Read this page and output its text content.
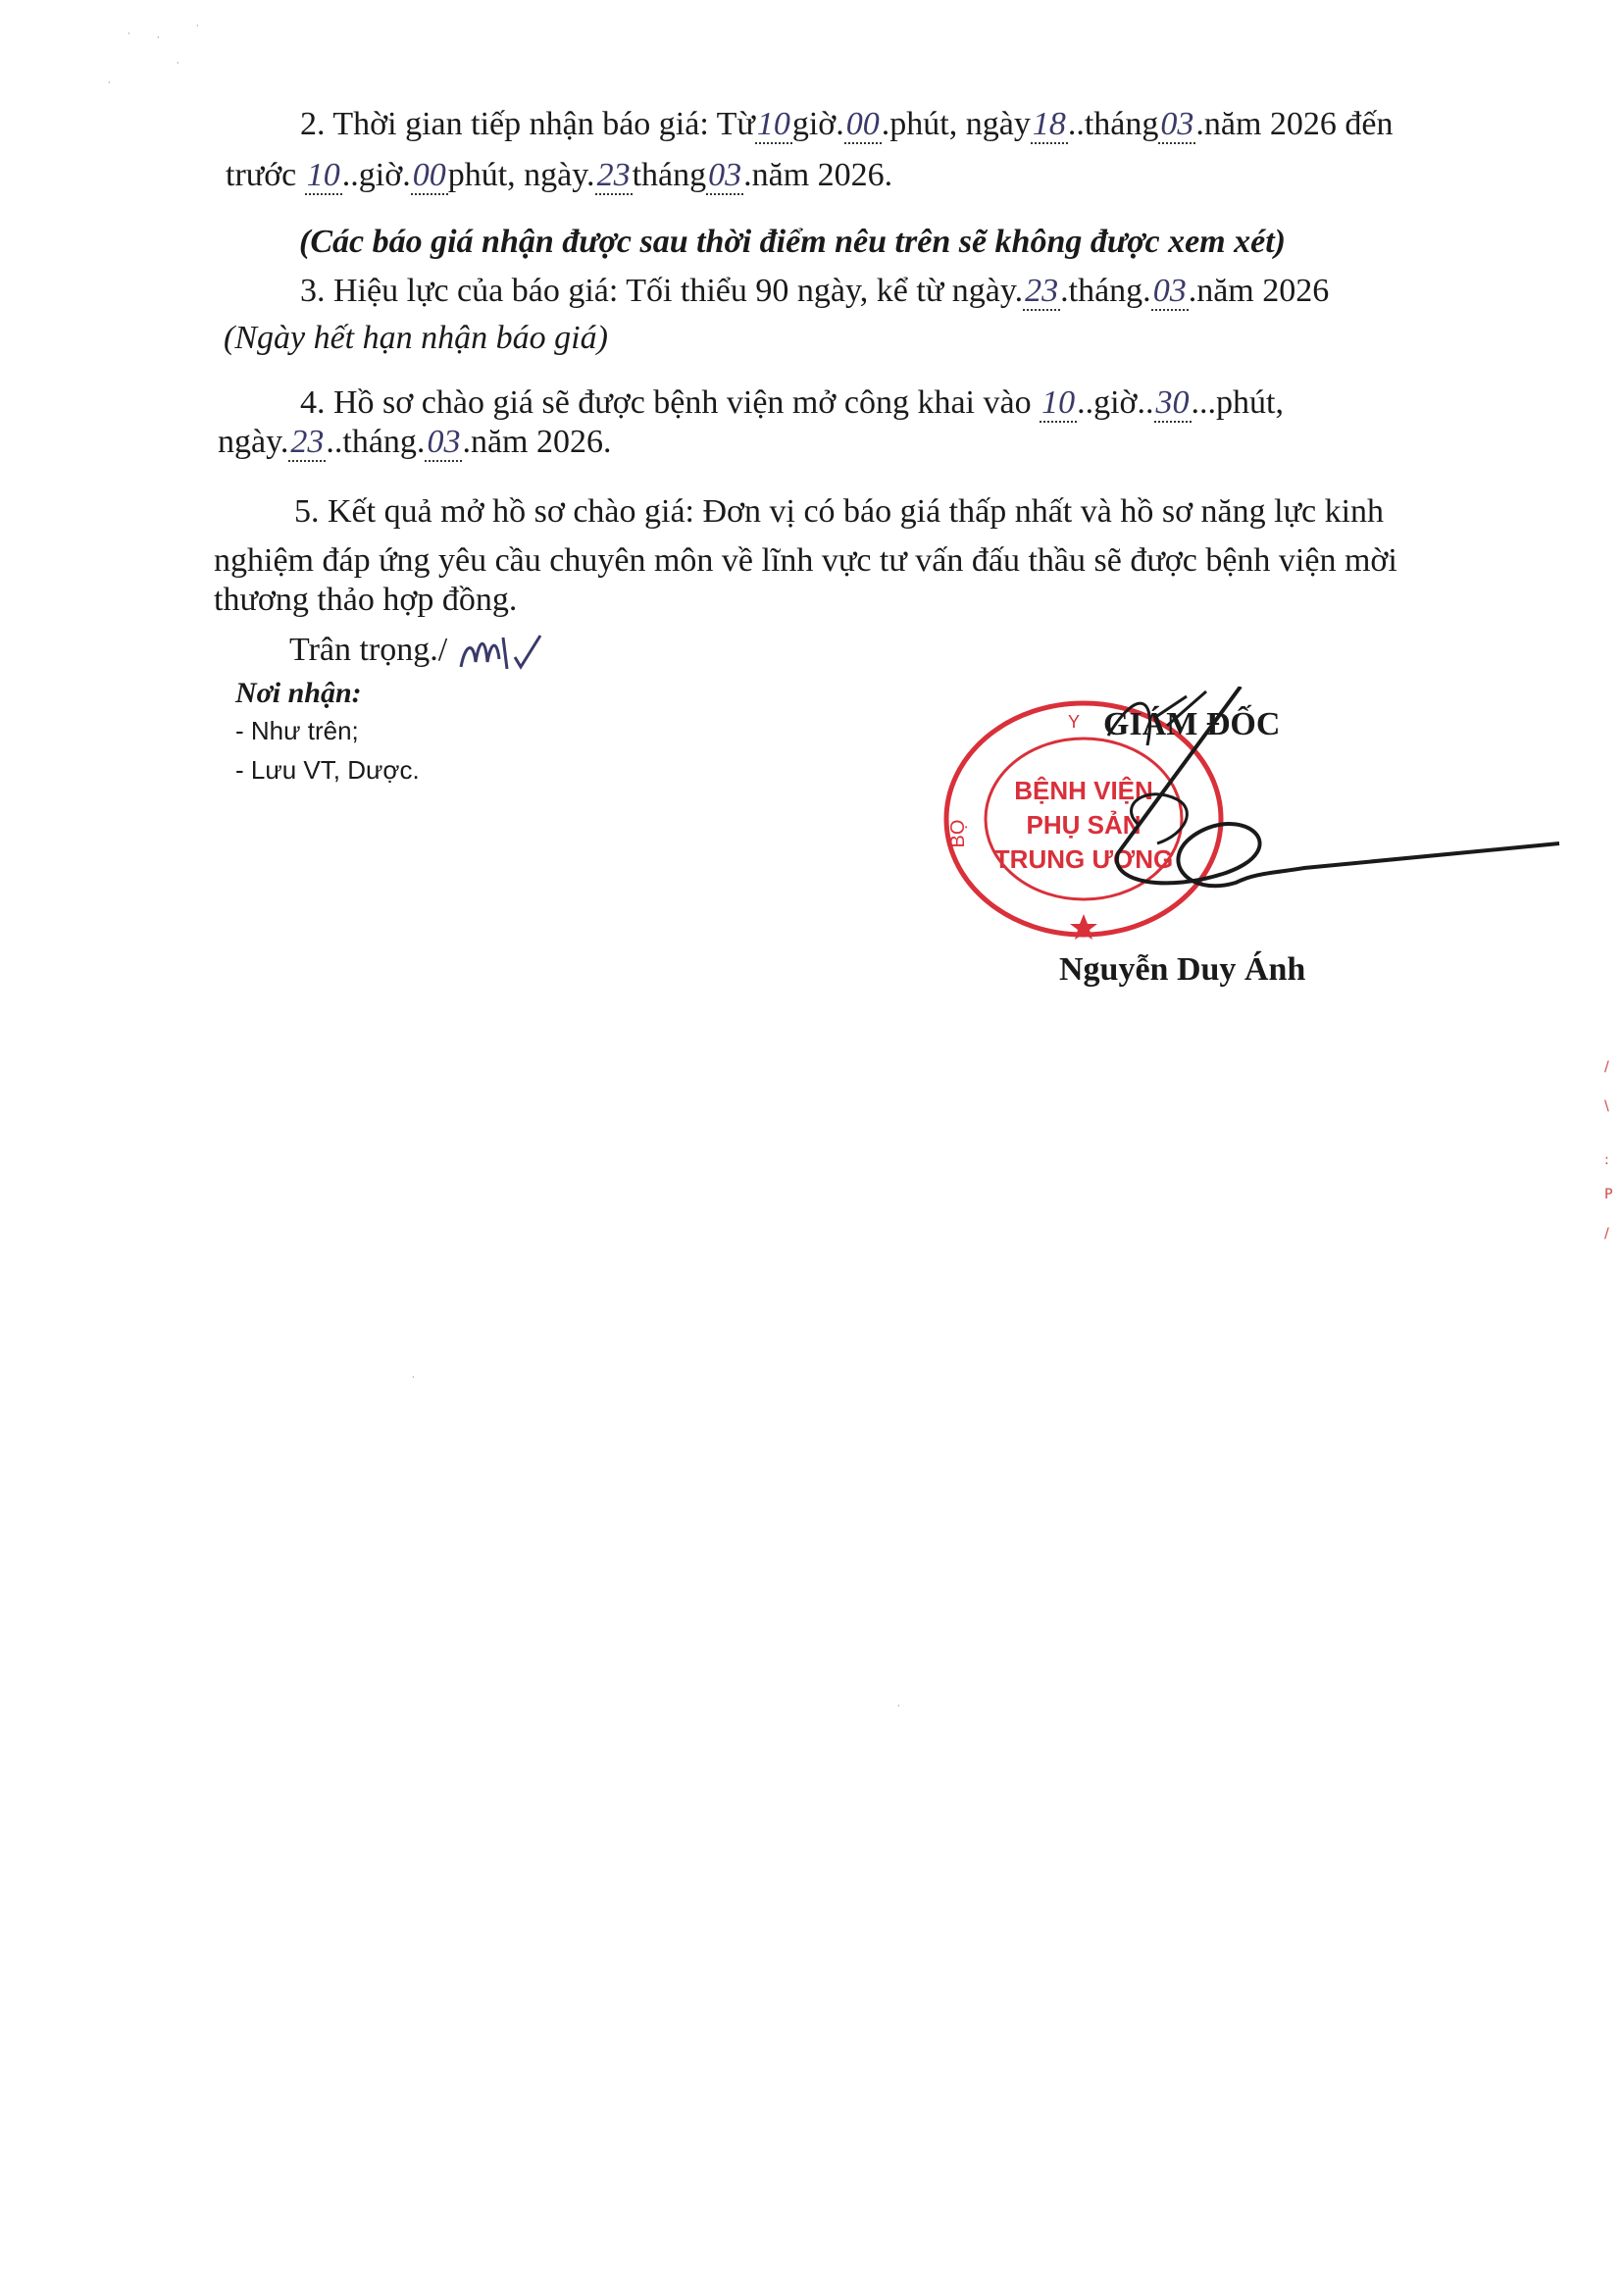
·
·	·
·
·
2. Thời gian tiếp nhận báo giá: Từ10giờ.00.phút, ngày18..tháng03.năm 2026 đến
trước 10..giờ.00phút, ngày.23tháng03.năm 2026.
(Các báo giá nhận được sau thời điểm nêu trên sẽ không được xem xét)
3. Hiệu lực của báo giá: Tối thiểu 90 ngày, kể từ ngày.23.tháng.03.năm 2026
(Ngày hết hạn nhận báo giá)
4. Hồ sơ chào giá sẽ được bệnh viện mở công khai vào 10..giờ..30...phút,
ngày.23..tháng.03.năm 2026.
5. Kết quả mở hồ sơ chào giá: Đơn vị có báo giá thấp nhất và hồ sơ năng lực kinh
nghiệm đáp ứng yêu cầu chuyên môn về lĩnh vực tư vấn đấu thầu sẽ được bệnh viện mời
thương thảo hợp đồng.
Trân trọng./
Nơi nhận:
- Như trên;
- Lưu VT, Dược.
BỆNH VIỆN
PHỤ SẢN
TRUNG ƯƠNG
BỘ
Y GIÁM ĐỐC
Nguyễn Duy Ánh
/
\
:
P
/
·
·
